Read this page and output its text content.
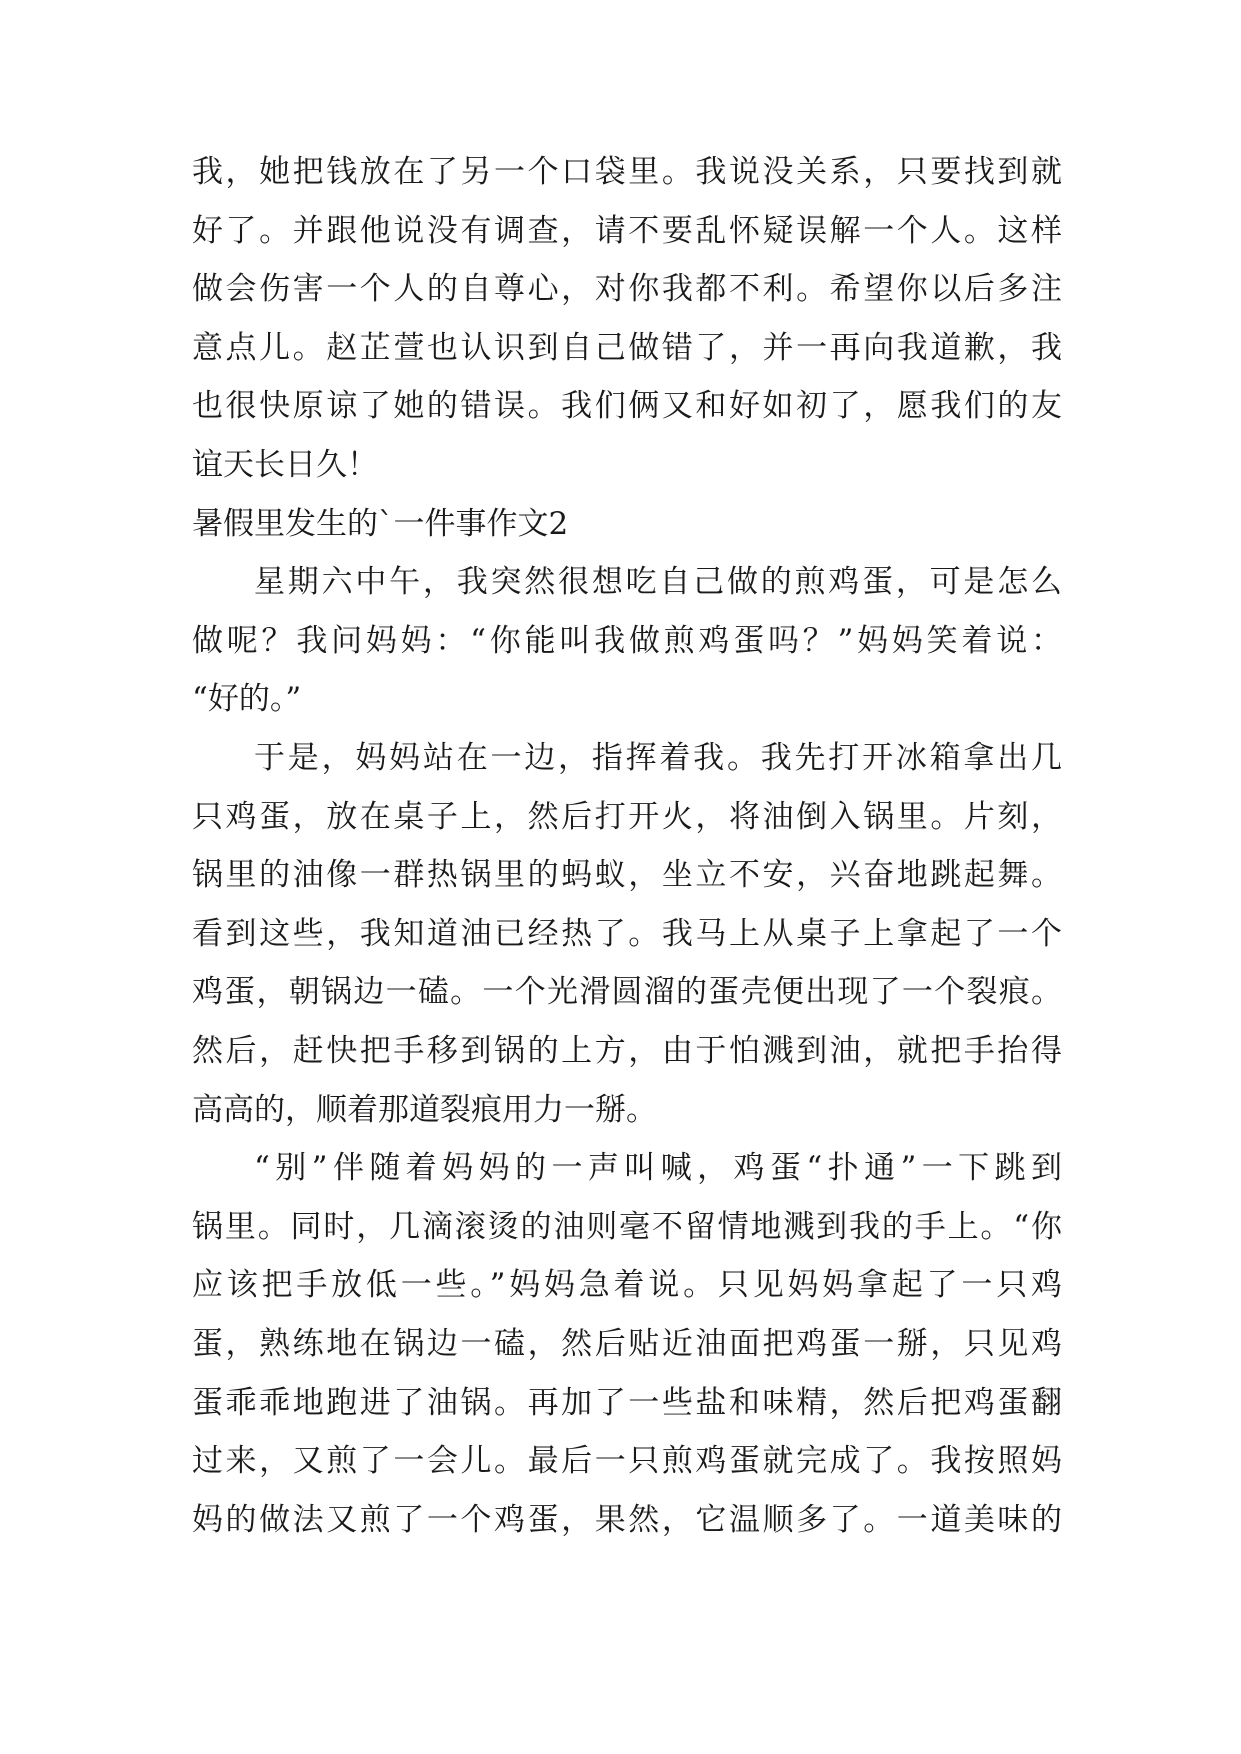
我，她把钱放在了另一个口袋里。我说没关系，只要找到就
好了。并跟他说没有调查，请不要乱怀疑误解一个人。这样
做会伤害一个人的自尊心，对你我都不利。希望你以后多注
意点儿。赵芷萱也认识到自己做错了，并一再向我道歉，我
也很快原谅了她的错误。我们俩又和好如初了，愿我们的友
谊天长日久！
暑假里发生的`一件事作文2
星期六中午，我突然很想吃自己做的煎鸡蛋，可是怎么
做呢？我问妈妈：“你能叫我做煎鸡蛋吗？”妈妈笑着说：
“好的。”
于是，妈妈站在一边，指挥着我。我先打开冰箱拿出几
只鸡蛋，放在桌子上，然后打开火，将油倒入锅里。片刻，
锅里的油像一群热锅里的蚂蚁，坐立不安，兴奋地跳起舞。
看到这些，我知道油已经热了。我马上从桌子上拿起了一个
鸡蛋，朝锅边一磕。一个光滑圆溜的蛋壳便出现了一个裂痕。
然后，赶快把手移到锅的上方，由于怕溅到油，就把手抬得
高高的，顺着那道裂痕用力一掰。
“别”伴随着妈妈的一声叫喊，鸡蛋“扑通”一下跳到
锅里。同时，几滴滚烫的油则毫不留情地溅到我的手上。“你
应该把手放低一些。”妈妈急着说。只见妈妈拿起了一只鸡
蛋，熟练地在锅边一磕，然后贴近油面把鸡蛋一掰，只见鸡
蛋乖乖地跑进了油锅。再加了一些盐和味精，然后把鸡蛋翻
过来，又煎了一会儿。最后一只煎鸡蛋就完成了。我按照妈
妈的做法又煎了一个鸡蛋，果然，它温顺多了。一道美味的
